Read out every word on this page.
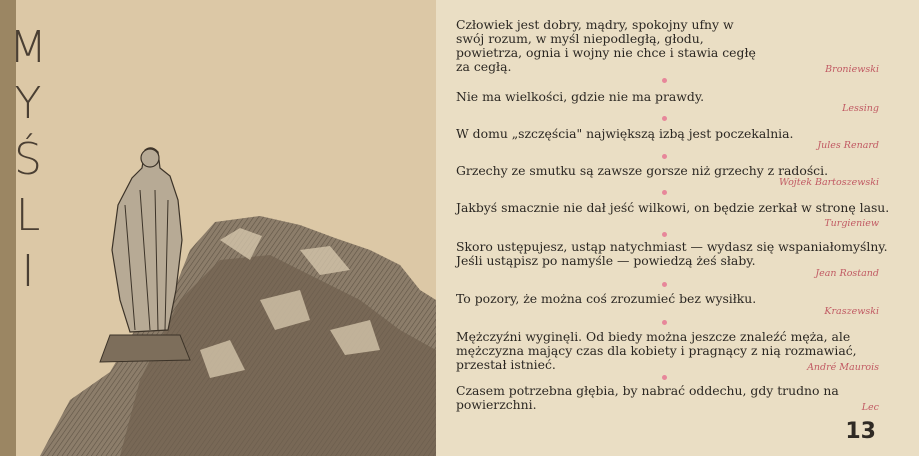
M
Y
Ś
L
I
Człowiek jest dobry, mądry, spokojny ufny w swój rozum, w myśl niepodległą, głodu, powietrza, ognia i wojny nie chce i stawia cegłę za cegłą.	Broniewski
Nie ma wielkości, gdzie nie ma prawdy.
Lessing
W domu „szczęścia" największą izbą jest poczekalnia.
Jules Renard
Grzechy ze smutku są zawsze gorsze niż grzechy z radości.
Wojtek Bartoszewski
Jakbyś smacznie nie dał jeść wilkowi, on będzie zerkał w stronę lasu.
Turgieniew
Skoro ustępujesz, ustąp natychmiast — wydasz się wspaniałomyślny. Jeśli ustąpisz po namyśle — powiedzą żeś słaby.
Jean Rostand
To pozory, że można coś zrozumieć bez wysiłku.
Kraszewski
Mężczyźni wyginęli. Od biedy można jeszcze znaleźć męża, ale mężczyzna mający czas dla kobiety i pragnący z nią rozmawiać, przestał istnieć.	André Maurois
Czasem potrzebna głębia, by nabrać oddechu, gdy trudno na powierzchni.	Lec
13
